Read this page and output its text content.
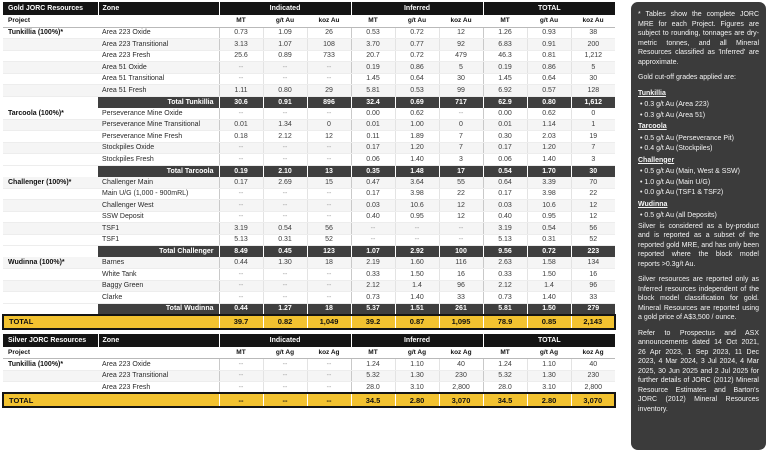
Gold JORC Resources	Zone	Indicated			Inferred			TOTAL		
Project		MT	g/t Au	koz Au	MT	g/t Au	koz Au	MT	g/t Au	koz Au
Tunkillia (100%)*	Area 223 Oxide	0.73	1.09	26	0.53	0.72	12	1.26	0.93	38
	Area 223 Transitional	3.13	1.07	108	3.70	0.77	92	6.83	0.91	200
	Area 223 Fresh	25.6	0.89	733	20.7	0.72	479	46.3	0.81	1,212
	Area 51 Oxide	--	--	--	0.19	0.86	5	0.19	0.86	5
	Area 51 Transitional	--	--	--	1.45	0.64	30	1.45	0.64	30
	Area 51 Fresh	1.11	0.80	29	5.81	0.53	99	6.92	0.57	128
	Total Tunkillia	30.6	0.91	896	32.4	0.69	717	62.9	0.80	1,612
Tarcoola (100%)*	Perseverance Mine Oxide	--	--	--	0.00	0.62	--	0.00	0.62	0
	Perseverance Mine Transitional	0.01	1.34	0	0.01	1.00	0	0.01	1.14	1
	Perseverance Mine Fresh	0.18	2.12	12	0.11	1.89	7	0.30	2.03	19
	Stockpiles Oxide	--	--	--	0.17	1.20	7	0.17	1.20	7
	Stockpiles Fresh	--	--	--	0.06	1.40	3	0.06	1.40	3
	Total Tarcoola	0.19	2.10	13	0.35	1.48	17	0.54	1.70	30
Challenger (100%)*	Challenger Main	0.17	2.69	15	0.47	3.64	55	0.64	3.39	70
	Main U/G (1,000 - 900mRL)	--	--	--	0.17	3.98	22	0.17	3.98	22
	Challenger West	--	--	--	0.03	10.6	12	0.03	10.6	12
	SSW Deposit	--	--	--	0.40	0.95	12	0.40	0.95	12
	TSF1	3.19	0.54	56	--	--	--	3.19	0.54	56
	TSF1	5.13	0.31	52	--	--	--	5.13	0.31	52
	Total Challenger	8.49	0.45	123	1.07	2.92	100	9.56	0.72	223
Wudinna (100%)*	Barnes	0.44	1.30	18	2.19	1.60	116	2.63	1.58	134
	White Tank	--	--	--	0.33	1.50	16	0.33	1.50	16
	Baggy Green	--	--	--	2.12	1.4	96	2.12	1.4	96
	Clarke	--	--	--	0.73	1.40	33	0.73	1.40	33
	Total Wudinna	0.44	1.27	18	5.37	1.51	261	5.81	1.50	279
TOTAL		39.7	0.82	1,049	39.2	0.87	1,095	78.9	0.85	2,143
Silver JORC Resources	Zone	Indicated			Inferred			TOTAL		
Project		MT	g/t Ag	koz Ag	MT	g/t Ag	koz Ag	MT	g/t Ag	koz Ag
Tunkillia (100%)*	Area 223 Oxide	--	--	--	1.24	1.10	40	1.24	1.10	40
	Area 223 Transitional	--	--	--	5.32	1.30	230	5.32	1.30	230
	Area 223 Fresh	--	--	--	28.0	3.10	2,800	28.0	3.10	2,800
TOTAL		--	--	--	34.5	2.80	3,070	34.5	2.80	3,070
* Tables show the complete JORC MRE for each Project. Figures are subject to rounding, tonnages are dry-metric tonnes, and all Mineral Resources classified as 'Inferred' are approximate.
Gold cut-off grades applied are:
Tunkillia
• 0.3 g/t Au (Area 223)
• 0.3 g/t Au (Area 51)
Tarcoola
• 0.5 g/t Au (Perseverance Pit)
• 0.4 g/t Au (Stockpiles)
Challenger
• 0.5 g/t Au (Main, West & SSW)
• 1.0 g/t Au (Main U/G)
• 0.0 g/t Au (TSF1 & TSF2)
Wudinna
• 0.5 g/t Au (all Deposits)
Silver is considered as a by-product and is reported as a subset of the reported gold MRE, and has only been reported where the block model reports >0.3g/t Au.
Silver resources are reported only as Inferred resources independent of the block model classification for gold. Mineral Resources are reported using a gold price of A$3,500 / ounce.
Refer to Prospectus and ASX announcements dated 14 Oct 2021, 26 Apr 2023, 1 Sep 2023, 11 Dec 2023, 4 Mar 2024, 3 Jul 2024, 4 Mar 2025, 30 Jun 2025 and 2 Jul 2025 for further details of JORC (2012) Mineral Resource Estimates and Barton's JORC (2012) Mineral Resources inventory.
